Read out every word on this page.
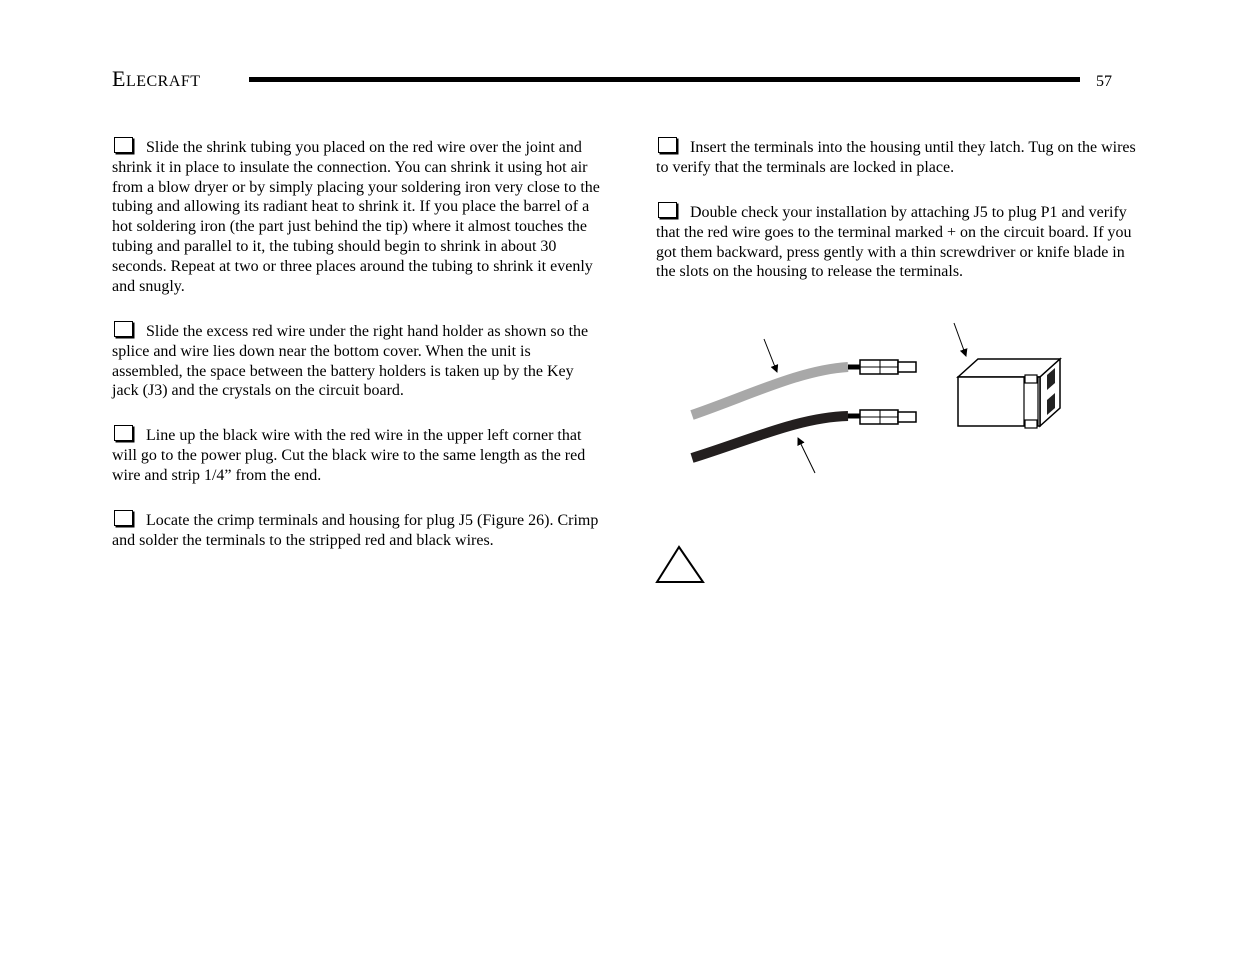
ELECRAFT	57

Slide the shrink tubing you placed on the red wire over the joint and shrink it in place to insulate the connection. You can shrink it using hot air from a blow dryer or by simply placing your soldering iron very close to the tubing and allowing its radiant heat to shrink it. If you place the barrel of a hot soldering iron (the part just behind the tip) where it almost touches the tubing and parallel to it, the tubing should begin to shrink in about 30 seconds. Repeat at two or three places around the tubing to shrink it evenly and snugly.

Slide the excess red wire under the right hand holder as shown so the splice and wire lies down near the bottom cover. When the unit is assembled, the space between the battery holders is taken up by the Key jack (J3) and the crystals on the circuit board.

Line up the black wire with the red wire in the upper left corner that will go to the power plug. Cut the black wire to the same length as the red wire and strip 1/4” from the end.

Locate the crimp terminals and housing for plug J5 (Figure 26). Crimp and solder the terminals to the stripped red and black wires.

Insert the terminals into the housing until they latch. Tug on the wires to verify that the terminals are locked in place.

Double check your installation by attaching J5 to plug P1 and verify that the red wire goes to the terminal marked + on the circuit board. If you got them backward, press gently with a thin screwdriver or knife blade in the slots on the housing to release the terminals.
